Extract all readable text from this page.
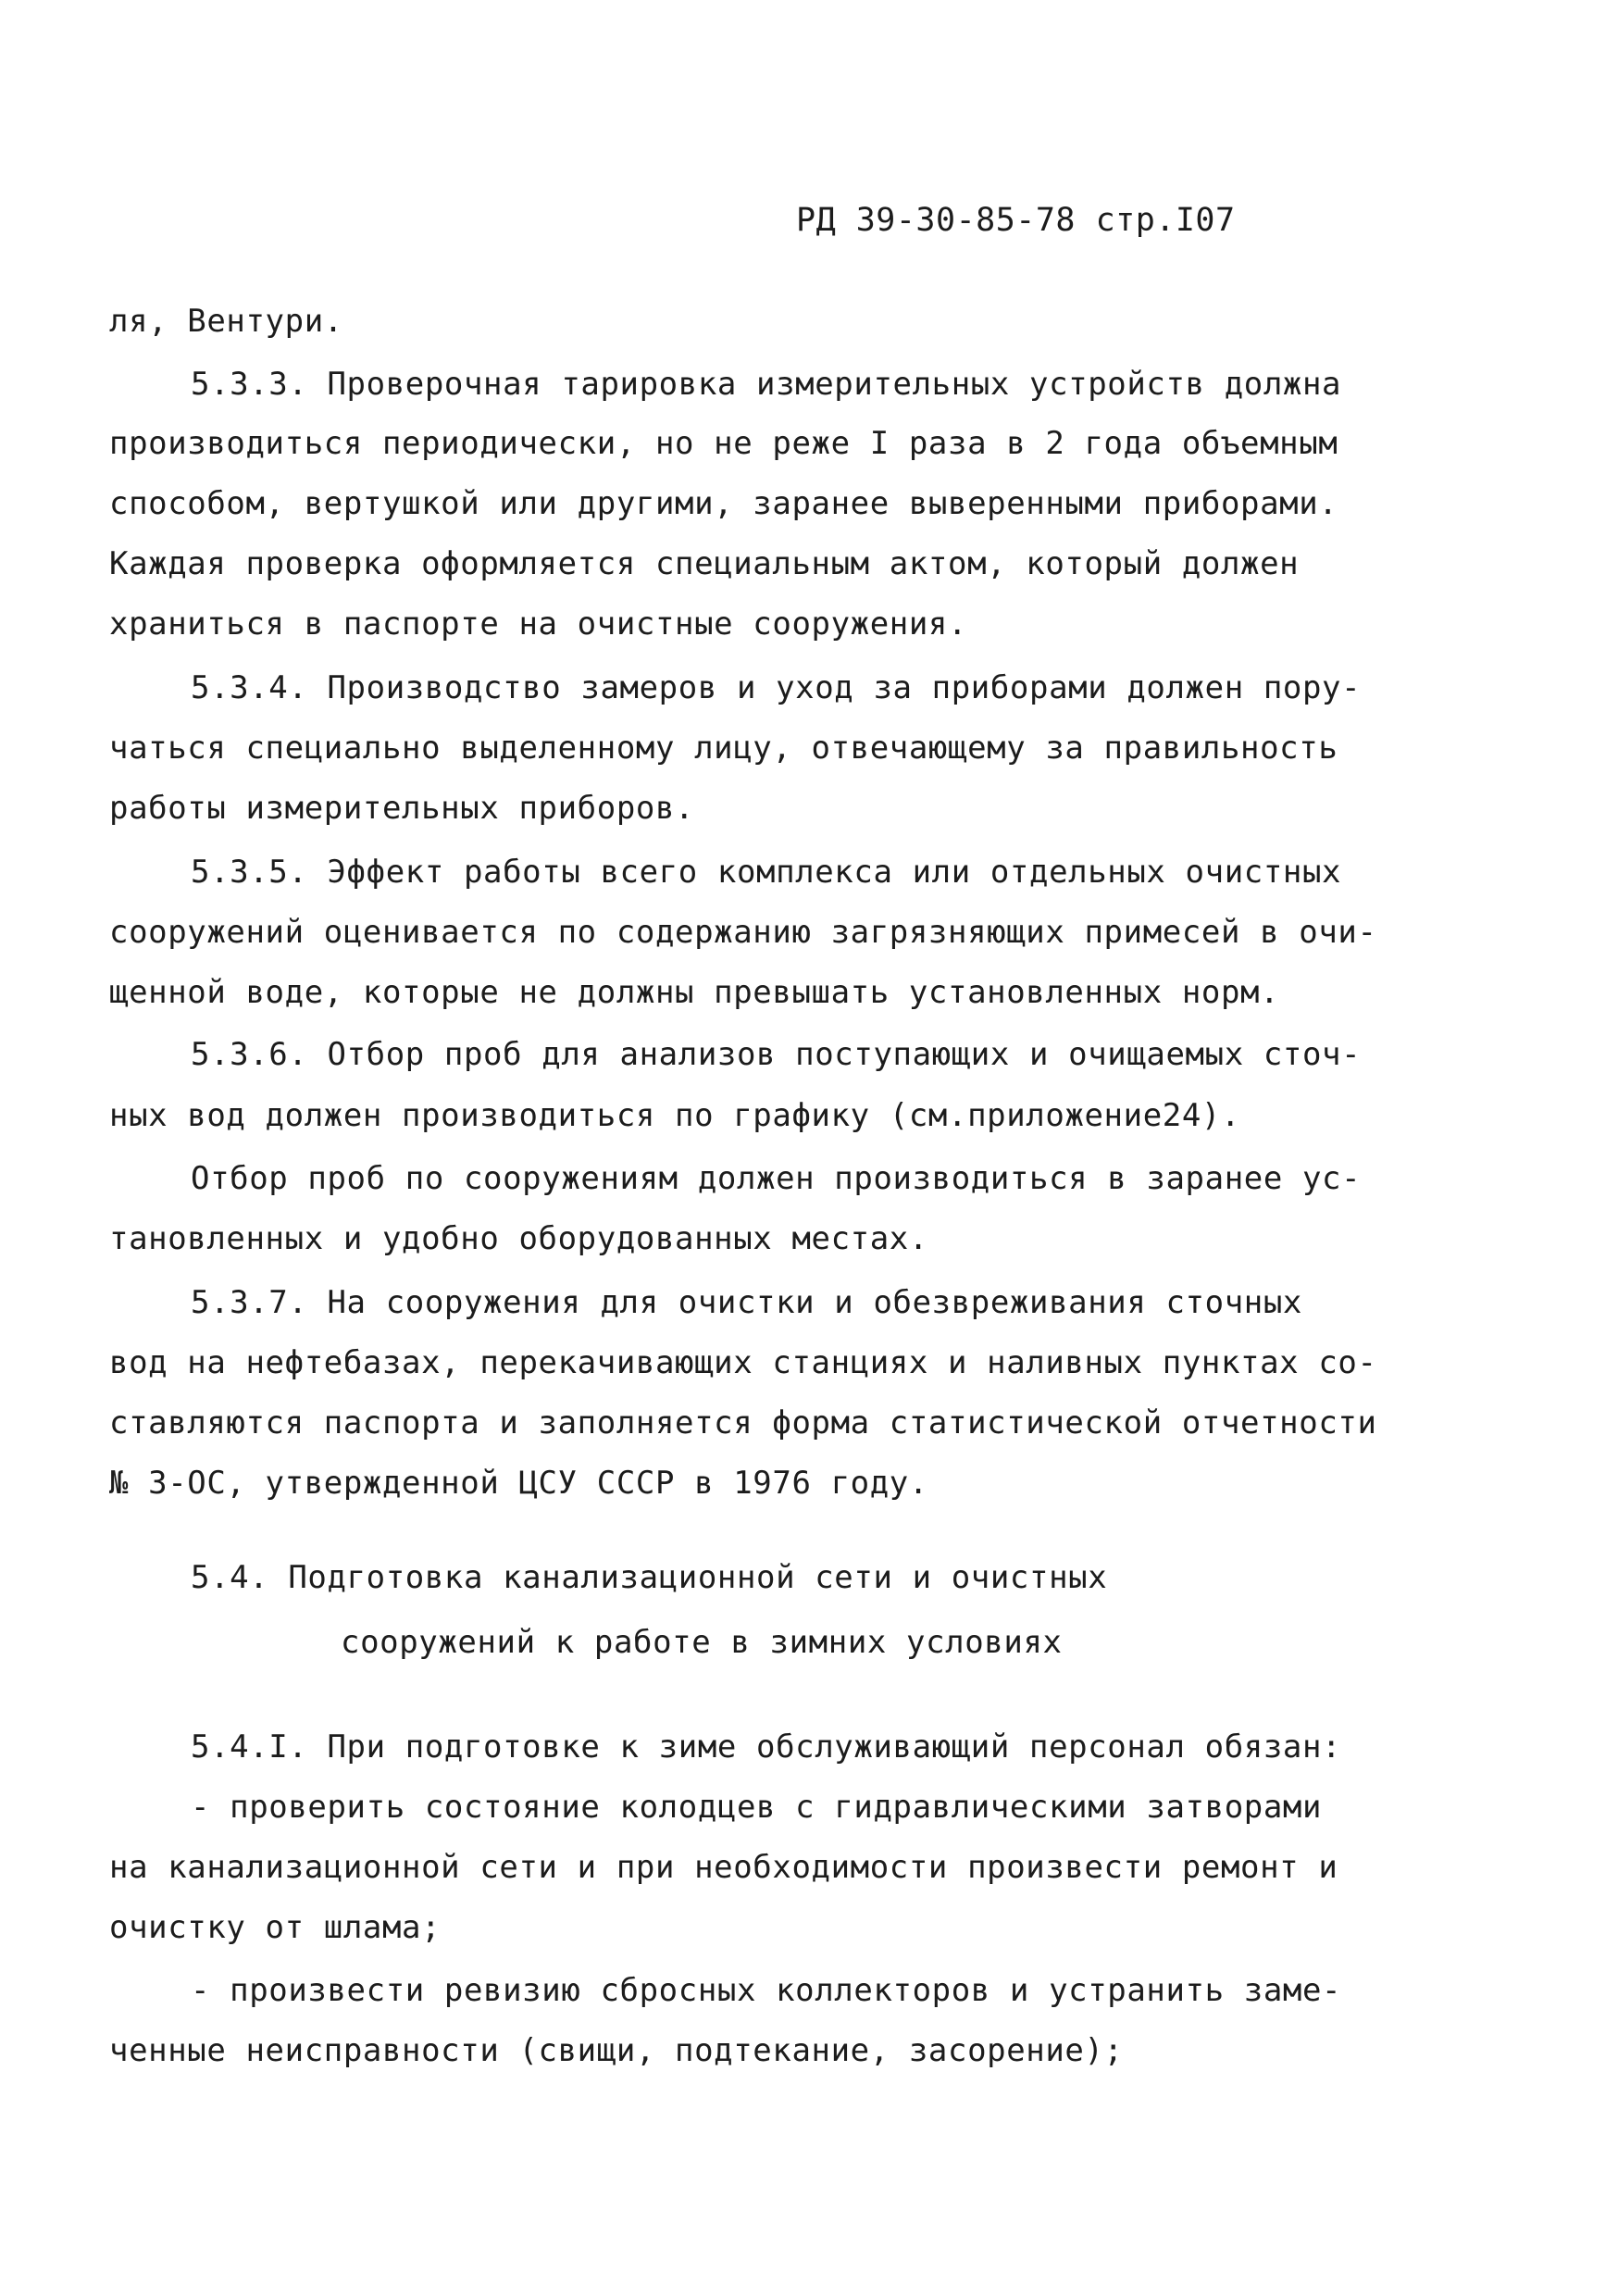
РД 39-30-85-78 стр.I07
ля, Вентури.
5.3.3. Проверочная тарировка измерительных устройств должна
производиться периодически, но не реже I раза в 2 года объемным
способом, вертушкой или другими, заранее выверенными приборами.
Каждая проверка оформляется специальным актом, который должен
храниться в паспорте на очистные сооружения.
5.3.4. Производство замеров и уход за приборами должен пору-
чаться специально выделенному лицу, отвечающему за правильность
работы измерительных приборов.
5.3.5. Эффект работы всего комплекса или отдельных очистных
сооружений оценивается по содержанию загрязняющих примесей в очи-
щенной воде, которые не должны превышать установленных норм.
5.3.6. Отбор проб для анализов поступающих и очищаемых сточ-
ных вод должен производиться по графику (см.приложение24).
Отбор проб по сооружениям должен производиться в заранее ус-
тановленных и удобно оборудованных местах.
5.3.7. На сооружения для очистки и обезвреживания сточных
вод на нефтебазах, перекачивающих станциях и наливных пунктах со-
ставляются паспорта и заполняется форма статистической отчетности
№ 3-ОС, утвержденной ЦСУ СССР в 1976 году.
5.4. Подготовка канализационной сети и очистных
сооружений к работе в зимних условиях
5.4.I. При подготовке к зиме обслуживающий персонал обязан:
- проверить состояние колодцев с гидравлическими затворами
на канализационной сети и при необходимости произвести ремонт и
очистку от шлама;
- произвести ревизию сбросных коллекторов и устранить заме-
ченные неисправности (свищи, подтекание, засорение);
